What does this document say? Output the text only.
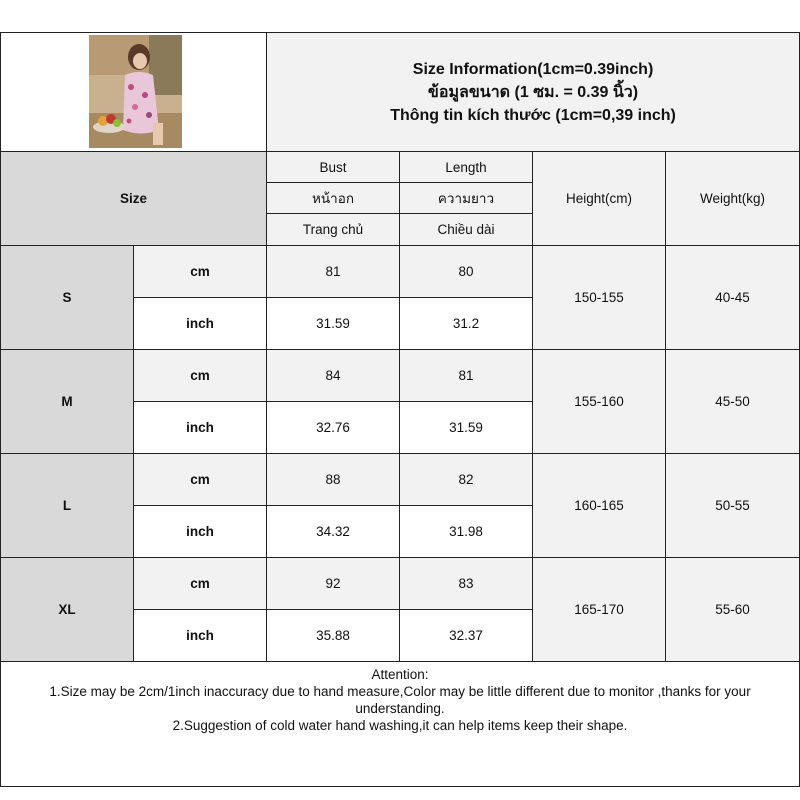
Size Information(1cm=0.39inch)
ข้อมูลขนาด (1 ซม. = 0.39 นิ้ว)
Thông tin kích thước (1cm=0,39 inch)			

Size		Bust	Length	Height(cm)	Weight(kg)
		หน้าอก	ความยาว		
		Trang chủ	Chiều dài		
S	cm	81	80	150-155	40-45
	inch	31.59	31.2		
M	cm	84	81	155-160	45-50
	inch	32.76	31.59		
L	cm	88	82	160-165	50-55
	inch	34.32	31.98		
XL	cm	92	83	165-170	55-60
	inch	35.88	32.37		

Attention:
1.Size may be 2cm/1inch inaccuracy due to hand measure,Color may be little different due to monitor ,thanks for your understanding.
2.Suggestion of cold water hand washing,it can help items keep their shape.					
